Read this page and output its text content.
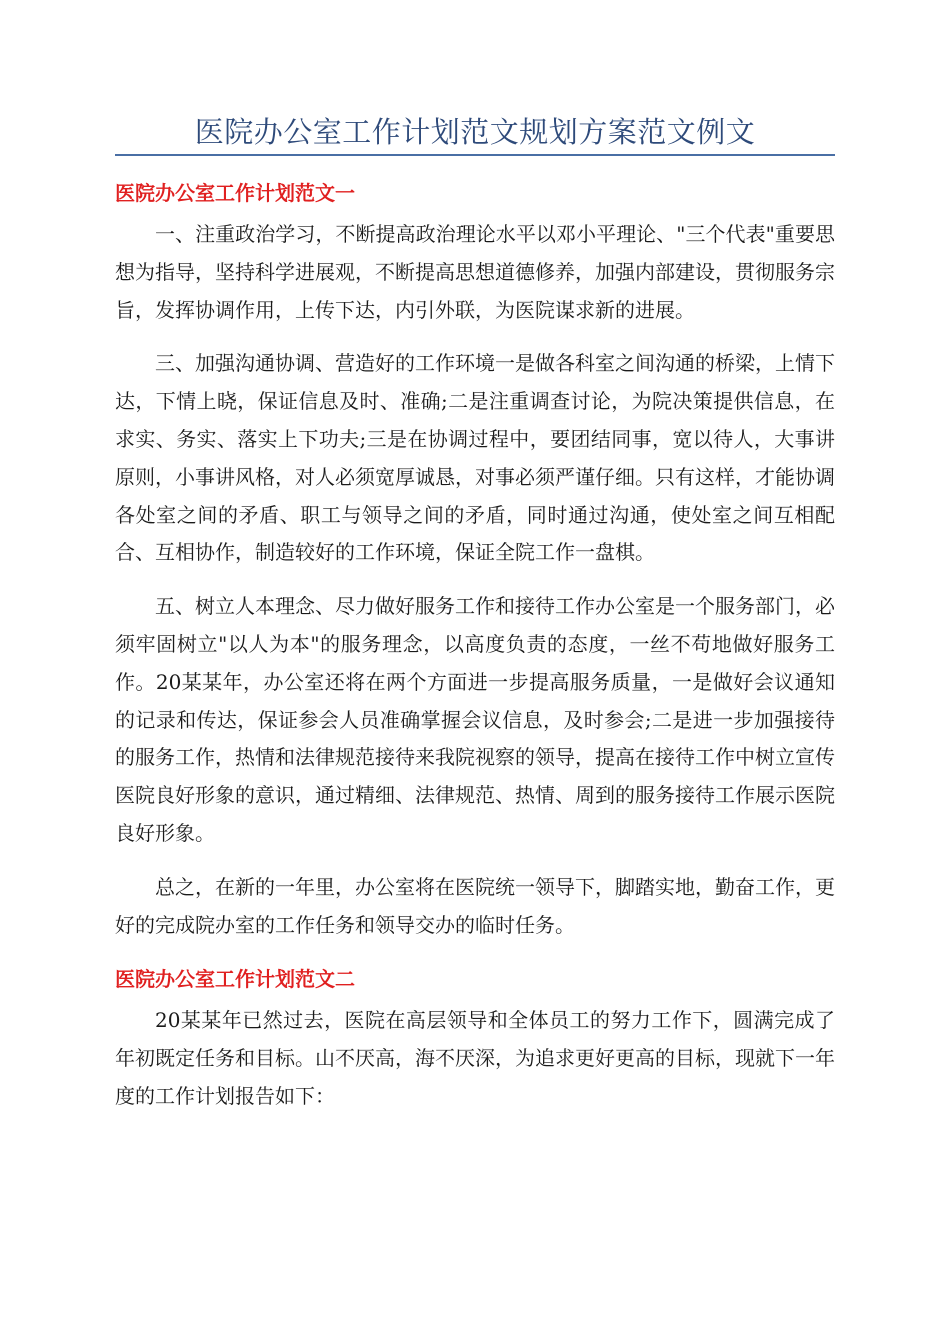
医院办公室工作计划范文规划方案范文例文
医院办公室工作计划范文一

一、注重政治学习，不断提高政治理论水平以邓小平理论、"三个代表"重要思想为指导，坚持科学进展观，不断提高思想道德修养，加强内部建设，贯彻服务宗旨，发挥协调作用，上传下达，内引外联，为医院谋求新的进展。

三、加强沟通协调、营造好的工作环境一是做各科室之间沟通的桥梁，上情下达，下情上晓，保证信息及时、准确;二是注重调查讨论，为院决策提供信息，在求实、务实、落实上下功夫;三是在协调过程中，要团结同事，宽以待人，大事讲原则，小事讲风格，对人必须宽厚诚恳，对事必须严谨仔细。只有这样，才能协调各处室之间的矛盾、职工与领导之间的矛盾，同时通过沟通，使处室之间互相配合、互相协作，制造较好的工作环境，保证全院工作一盘棋。

五、树立人本理念、尽力做好服务工作和接待工作办公室是一个服务部门，必须牢固树立"以人为本"的服务理念，以高度负责的态度，一丝不苟地做好服务工作。20某某年，办公室还将在两个方面进一步提高服务质量，一是做好会议通知的记录和传达，保证参会人员准确掌握会议信息，及时参会;二是进一步加强接待的服务工作，热情和法律规范接待来我院视察的领导，提高在接待工作中树立宣传医院良好形象的意识，通过精细、法律规范、热情、周到的服务接待工作展示医院良好形象。

总之，在新的一年里，办公室将在医院统一领导下，脚踏实地，勤奋工作，更好的完成院办室的工作任务和领导交办的临时任务。

医院办公室工作计划范文二

20某某年已然过去，医院在高层领导和全体员工的努力工作下，圆满完成了年初既定任务和目标。山不厌高，海不厌深，为追求更好更高的目标，现就下一年度的工作计划报告如下：
